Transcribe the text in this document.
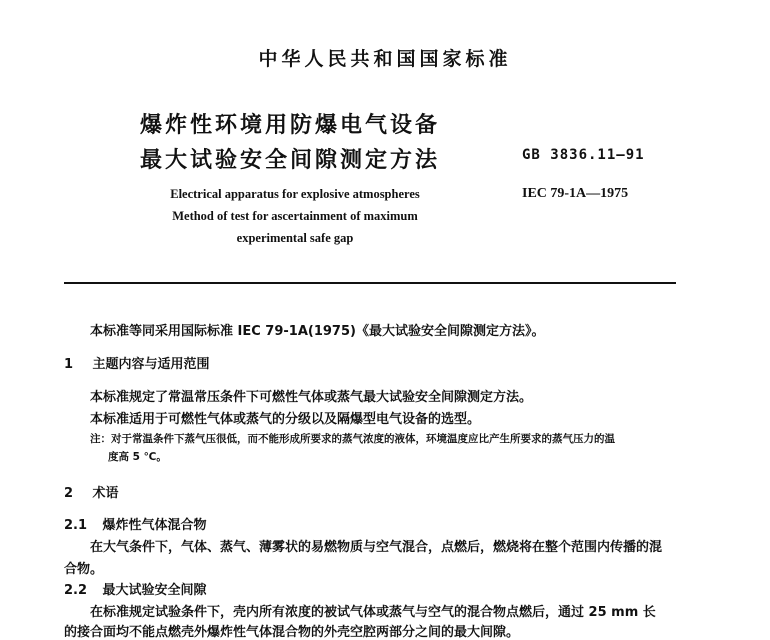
中华人民共和国国家标准
爆炸性环境用防爆电气设备
最大试验安全间隙测定方法	GB 3836.11—91
IEC 79-1A—1975
Electrical apparatus for explosive atmospheres
Method of test for ascertainment of maximum
experimental safe gap
本标准等同采用国际标准 IEC 79-1A(1975)《最大试验安全间隙测定方法》。
1 主题内容与适用范围
本标准规定了常温常压条件下可燃性气体或蒸气最大试验安全间隙测定方法。
本标准适用于可燃性气体或蒸气的分级以及隔爆型电气设备的选型。
注：对于常温条件下蒸气压很低，而不能形成所要求的蒸气浓度的液体，环境温度应比产生所要求的蒸气压力的温
度高 5 ℃。
2 术语
2.1 爆炸性气体混合物
在大气条件下，气体、蒸气、薄雾状的易燃物质与空气混合，点燃后，燃烧将在整个范围内传播的混
合物。
2.2 最大试验安全间隙
在标准规定试验条件下，壳内所有浓度的被试气体或蒸气与空气的混合物点燃后，通过 25 mm 长
的接合面均不能点燃壳外爆炸性气体混合物的外壳空腔两部分之间的最大间隙。
